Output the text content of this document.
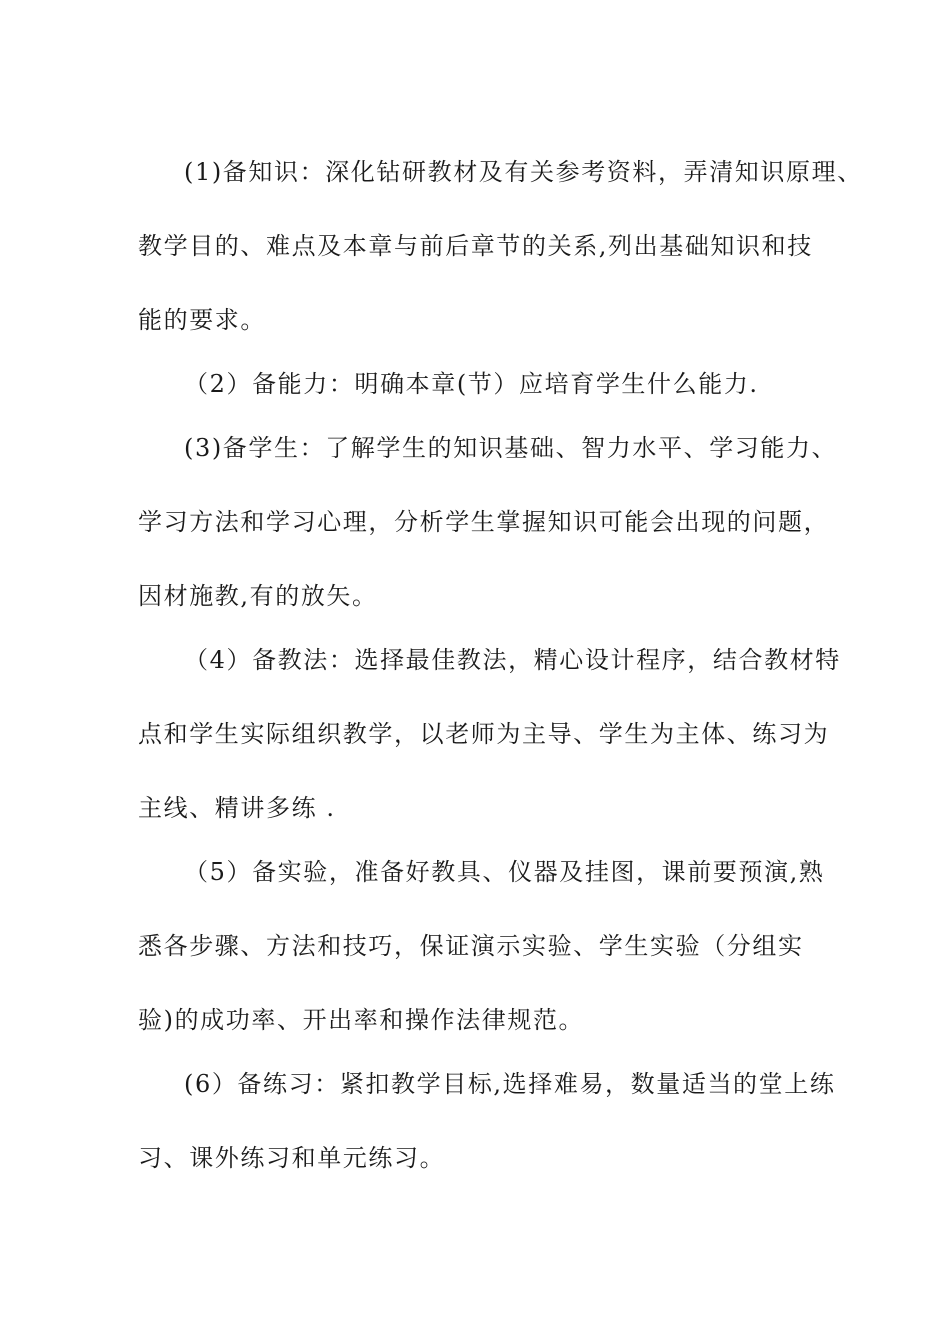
(1)备知识：深化钻研教材及有关参考资料，弄清知识原理、
教学目的、难点及本章与前后章节的关系,列出基础知识和技
能的要求。
（2）备能力：明确本章(节）应培育学生什么能力.
(3)备学生：了解学生的知识基础、智力水平、学习能力、
学习方法和学习心理，分析学生掌握知识可能会出现的问题，
因材施教,有的放矢。
（4）备教法：选择最佳教法，精心设计程序，结合教材特
点和学生实际组织教学，以老师为主导、学生为主体、练习为
主线、精讲多练 .
（5）备实验，准备好教具、仪器及挂图，课前要预演,熟
悉各步骤、方法和技巧，保证演示实验、学生实验（分组实
验)的成功率、开出率和操作法律规范。
(6）备练习：紧扣教学目标,选择难易，数量适当的堂上练
习、课外练习和单元练习。
